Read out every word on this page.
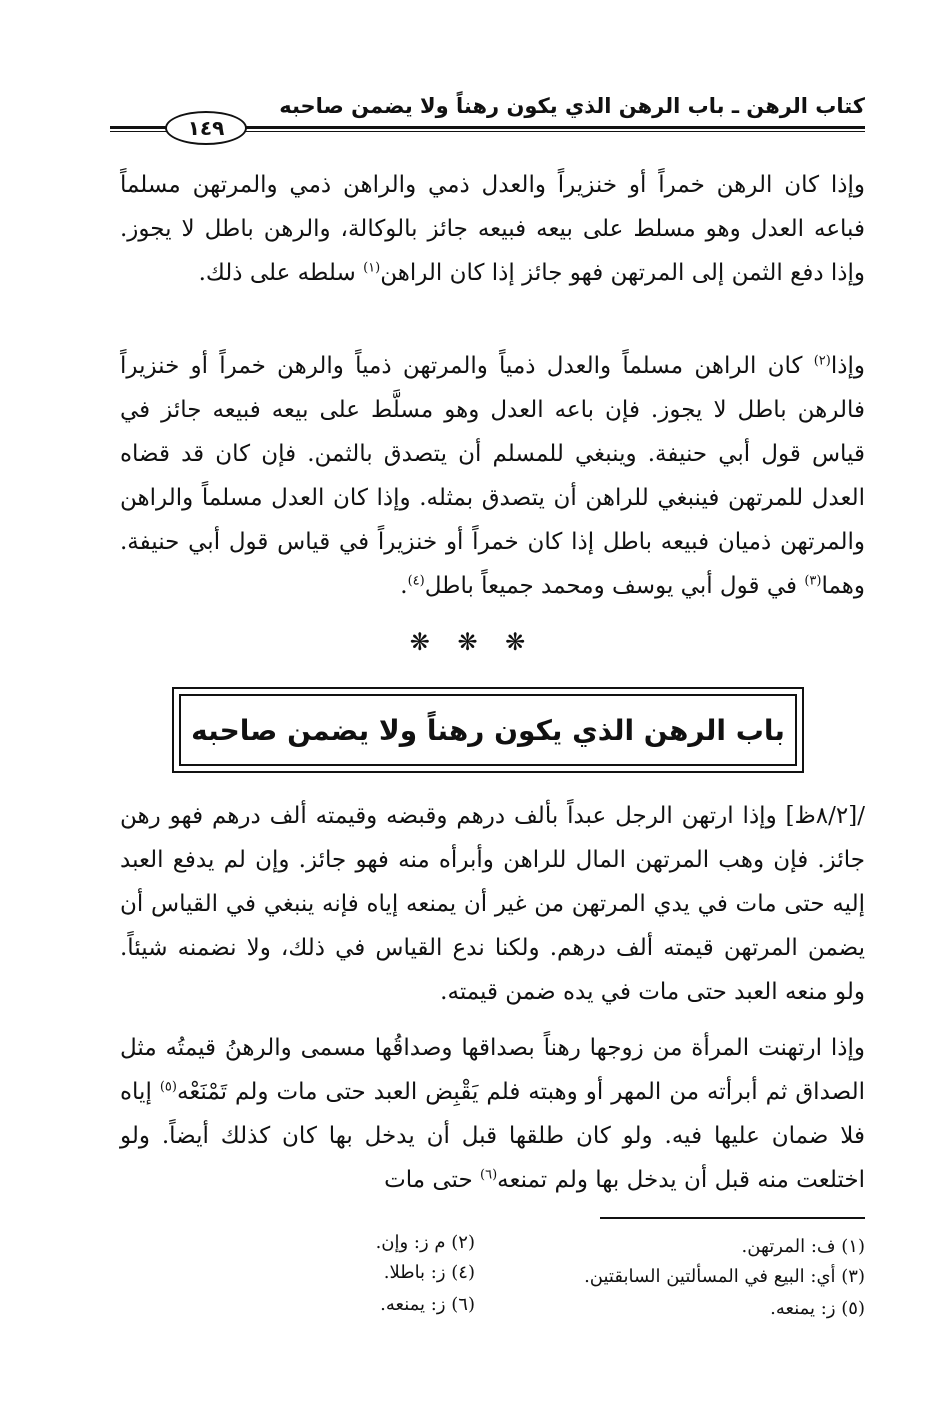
كتاب الرهن ـ باب الرهن الذي يكون رهناً ولا يضمن صاحبه
١٤٩
وإذا كان الرهن خمراً أو خنزيراً والعدل ذمي والراهن ذمي والمرتهن مسلماً فباعه العدل وهو مسلط على بيعه فبيعه جائز بالوكالة، والرهن باطل لا يجوز. وإذا دفع الثمن إلى المرتهن فهو جائز إذا كان الراهن$^{(١)}$ سلطه على ذلك.
وإذا$^{(٢)}$ كان الراهن مسلماً والعدل ذمياً والمرتهن ذمياً والرهن خمراً أو خنزيراً فالرهن باطل لا يجوز. فإن باعه العدل وهو مسلَّط على بيعه فبيعه جائز في قياس قول أبي حنيفة. وينبغي للمسلم أن يتصدق بالثمن. فإن كان قد قضاه العدل للمرتهن فينبغي للراهن أن يتصدق بمثله. وإذا كان العدل مسلماً والراهن والمرتهن ذميان فبيعه باطل إذا كان خمراً أو خنزيراً في قياس قول أبي حنيفة. وهما$^{(٣)}$ في قول أبي يوسف ومحمد جميعاً باطل$^{(٤)}$.
❋ ❋ ❋
باب الرهن الذي يكون رهناً ولا يضمن صاحبه
/[٨/٢ظ] وإذا ارتهن الرجل عبداً بألف درهم وقبضه وقيمته ألف درهم فهو رهن جائز. فإن وهب المرتهن المال للراهن وأبرأه منه فهو جائز. وإن لم يدفع العبد إليه حتى مات في يدي المرتهن من غير أن يمنعه إياه فإنه ينبغي في القياس أن يضمن المرتهن قيمته ألف درهم. ولكنا ندع القياس في ذلك، ولا نضمنه شيئاً. ولو منعه العبد حتى مات في يده ضمن قيمته.
وإذا ارتهنت المرأة من زوجها رهناً بصداقها وصداقُها مسمى والرهنُ قيمتُه مثل الصداق ثم أبرأته من المهر أو وهبته فلم يَقْبِض العبد حتى مات ولم تَمْنَعْه$^{(٥)}$ إياه فلا ضمان عليها فيه. ولو كان طلقها قبل أن يدخل بها كان كذلك أيضاً. ولو اختلعت منه قبل أن يدخل بها ولم تمنعه$^{(٦)}$ حتى مات
(١) ف: المرتهن.
(٢) م ز: وإن.
(٣) أي: البيع في المسألتين السابقتين.
(٤) ز: باطلا.
(٥) ز: يمنعه.
(٦) ز: يمنعه.
